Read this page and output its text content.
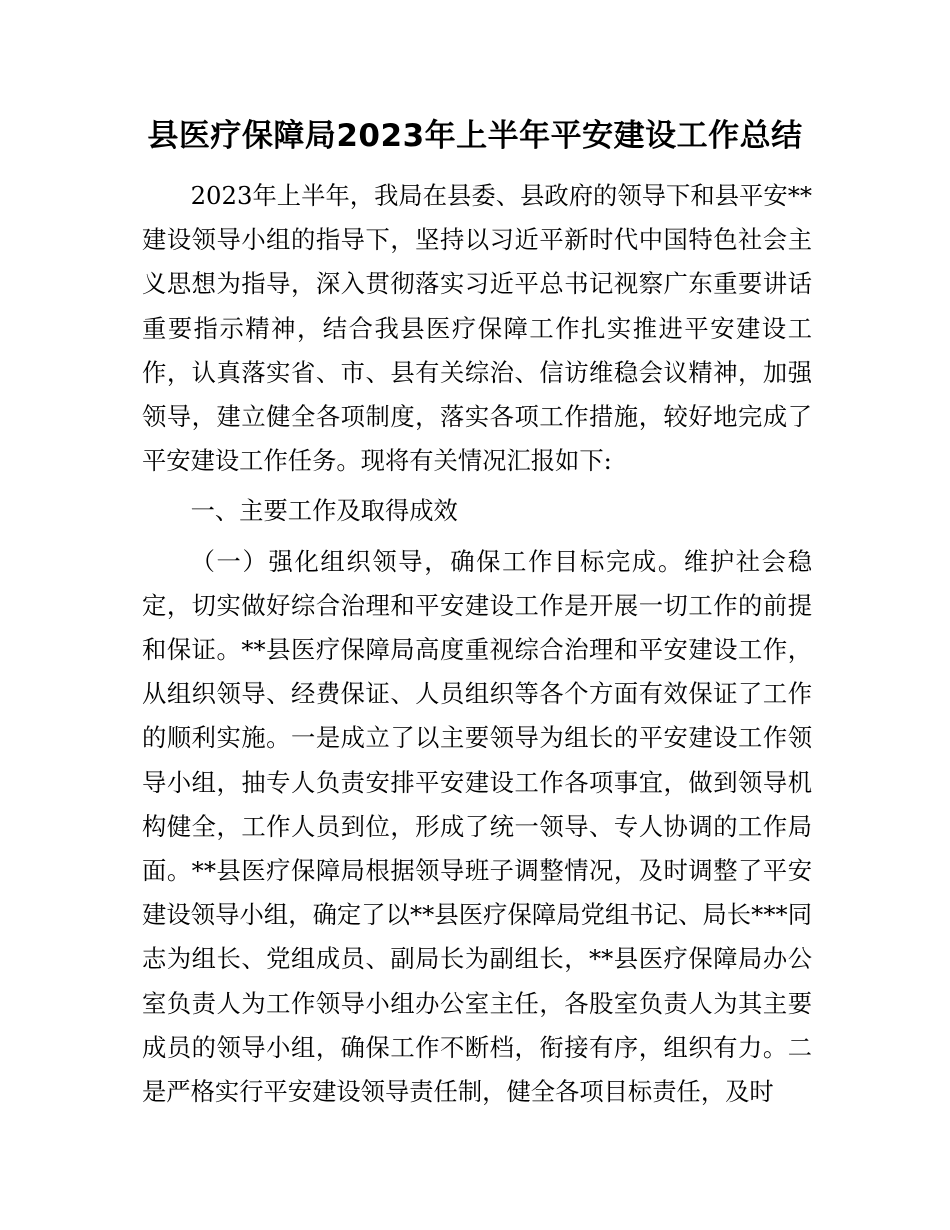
县医疗保障局2023年上半年平安建设工作总结

2023年上半年，我局在县委、县政府的领导下和县平安**建设领导小组的指导下，坚持以习近平新时代中国特色社会主义思想为指导，深入贯彻落实习近平总书记视察广东重要讲话重要指示精神，结合我县医疗保障工作扎实推进平安建设工作，认真落实省、市、县有关综治、信访维稳会议精神，加强领导，建立健全各项制度，落实各项工作措施，较好地完成了平安建设工作任务。现将有关情况汇报如下:

一、主要工作及取得成效

（一）强化组织领导，确保工作目标完成。维护社会稳定，切实做好综合治理和平安建设工作是开展一切工作的前提和保证。**县医疗保障局高度重视综合治理和平安建设工作，从组织领导、经费保证、人员组织等各个方面有效保证了工作的顺利实施。一是成立了以主要领导为组长的平安建设工作领导小组，抽专人负责安排平安建设工作各项事宜，做到领导机构健全，工作人员到位，形成了统一领导、专人协调的工作局面。**县医疗保障局根据领导班子调整情况，及时调整了平安建设领导小组，确定了以**县医疗保障局党组书记、局长***同志为组长、党组成员、副局长为副组长，**县医疗保障局办公室负责人为工作领导小组办公室主任，各股室负责人为其主要成员的领导小组，确保工作不断档，衔接有序，组织有力。二是严格实行平安建设领导责任制，健全各项目标责任，及时
